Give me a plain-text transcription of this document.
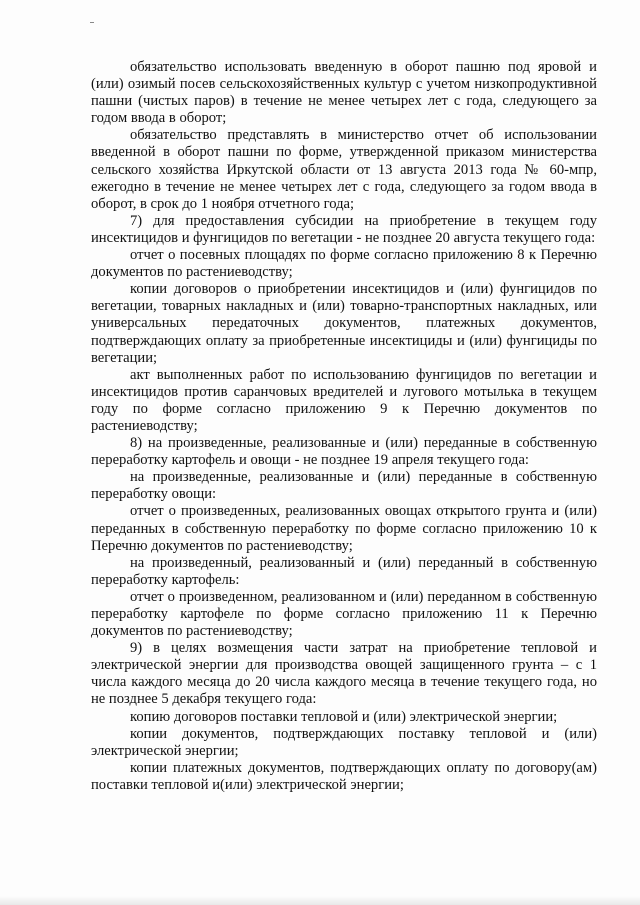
обязательство использовать введенную в оборот пашню под яровой и (или) озимый посев сельскохозяйственных культур с учетом низкопродуктивной пашни (чистых паров) в течение не менее четырех лет с года, следующего за годом ввода в оборот;

обязательство представлять в министерство отчет об использовании введенной в оборот пашни по форме, утвержденной приказом министерства сельского хозяйства Иркутской области от 13 августа 2013 года № 60-мпр, ежегодно в течение не менее четырех лет с года, следующего за годом ввода в оборот, в срок до 1 ноября отчетного года;

7) для предоставления субсидии на приобретение в текущем году инсектицидов и фунгицидов по вегетации - не позднее 20 августа текущего года:

отчет о посевных площадях по форме согласно приложению 8 к Перечню документов по растениеводству;

копии договоров о приобретении инсектицидов и (или) фунгицидов по вегетации, товарных накладных и (или) товарно-транспортных накладных, или универсальных передаточных документов, платежных документов, подтверждающих оплату за приобретенные инсектициды и (или) фунгициды по вегетации;

акт выполненных работ по использованию фунгицидов по вегетации и инсектицидов против саранчовых вредителей и лугового мотылька в текущем году по форме согласно приложению 9 к Перечню документов по растениеводству;

8) на произведенные, реализованные и (или) переданные в собственную переработку картофель и овощи - не позднее 19 апреля текущего года:

на произведенные, реализованные и (или) переданные в собственную переработку овощи:

отчет о произведенных, реализованных овощах открытого грунта и (или) переданных в собственную переработку по форме согласно приложению 10 к Перечню документов по растениеводству;

на произведенный, реализованный и (или) переданный в собственную переработку картофель:

отчет о произведенном, реализованном и (или) переданном в собственную переработку картофеле по форме согласно приложению 11 к Перечню документов по растениеводству;

9) в целях возмещения части затрат на приобретение тепловой и электрической энергии для производства овощей защищенного грунта – с 1 числа каждого месяца до 20 числа каждого месяца в течение текущего года, но не позднее 5 декабря текущего года:

копию договоров поставки тепловой и (или) электрической энергии;

копии документов, подтверждающих поставку тепловой и (или) электрической энергии;

копии платежных документов, подтверждающих оплату по договору(ам) поставки тепловой и(или) электрической энергии;
